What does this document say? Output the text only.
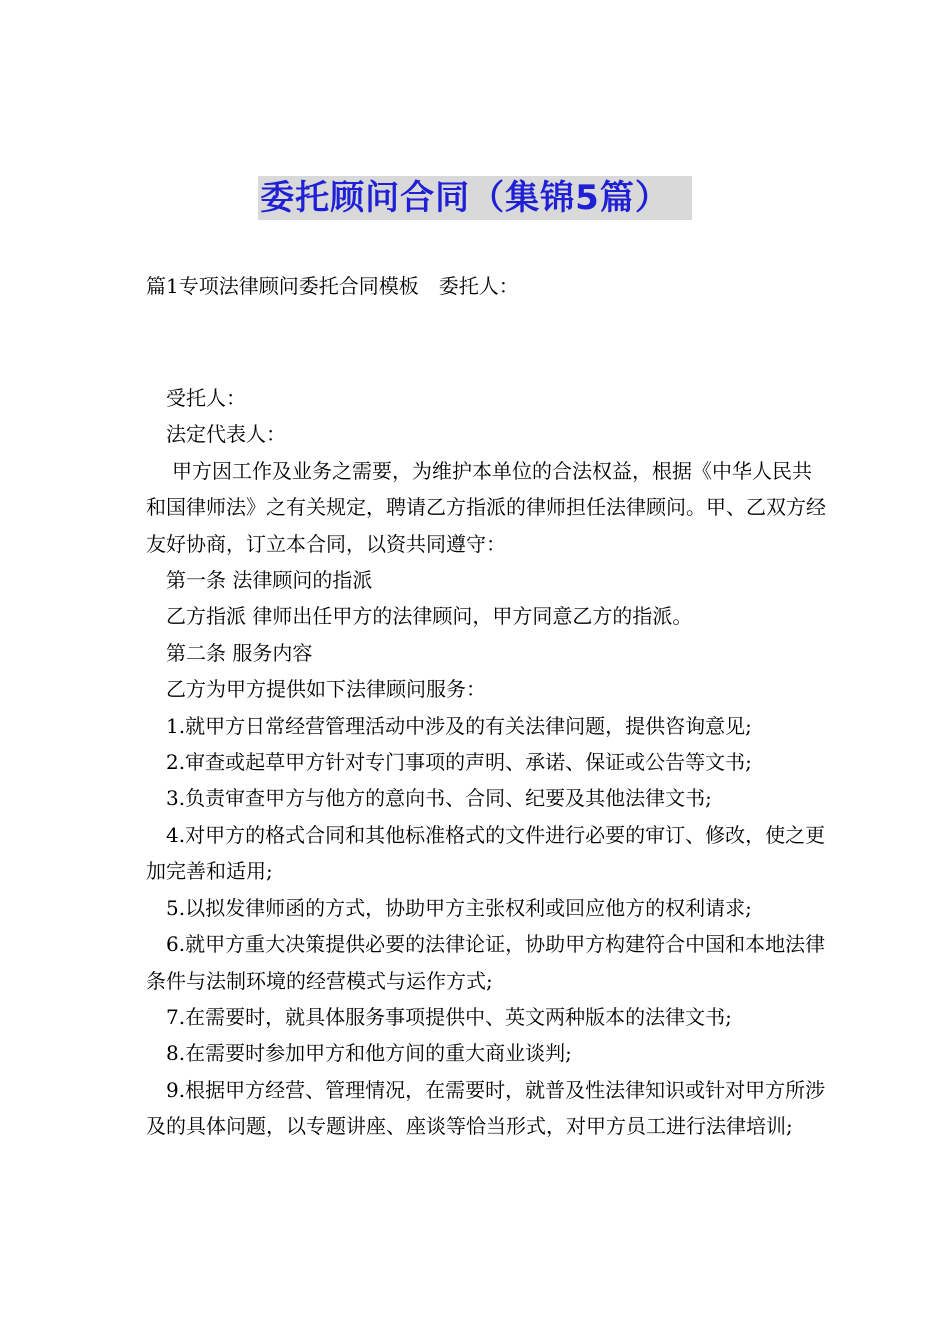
委托顾问合同（集锦5篇）
篇1专项法律顾问委托合同模板　委托人：

受托人：

法定代表人：

甲方因工作及业务之需要，为维护本单位的合法权益，根据《中华人民共和国律师法》之有关规定，聘请乙方指派的律师担任法律顾问。甲、乙双方经友好协商，订立本合同，以资共同遵守：

第一条 法律顾问的指派

乙方指派 律师出任甲方的法律顾问，甲方同意乙方的指派。

第二条 服务内容

乙方为甲方提供如下法律顾问服务：

1.就甲方日常经营管理活动中涉及的有关法律问题，提供咨询意见;

2.审查或起草甲方针对专门事项的声明、承诺、保证或公告等文书;

3.负责审查甲方与他方的意向书、合同、纪要及其他法律文书;

4.对甲方的格式合同和其他标准格式的文件进行必要的审订、修改，使之更加完善和适用;

5.以拟发律师函的方式，协助甲方主张权利或回应他方的权利请求;

6.就甲方重大决策提供必要的法律论证，协助甲方构建符合中国和本地法律条件与法制环境的经营模式与运作方式;

7.在需要时，就具体服务事项提供中、英文两种版本的法律文书;

8.在需要时参加甲方和他方间的重大商业谈判;

9.根据甲方经营、管理情况，在需要时，就普及性法律知识或针对甲方所涉及的具体问题，以专题讲座、座谈等恰当形式，对甲方员工进行法律培训;
